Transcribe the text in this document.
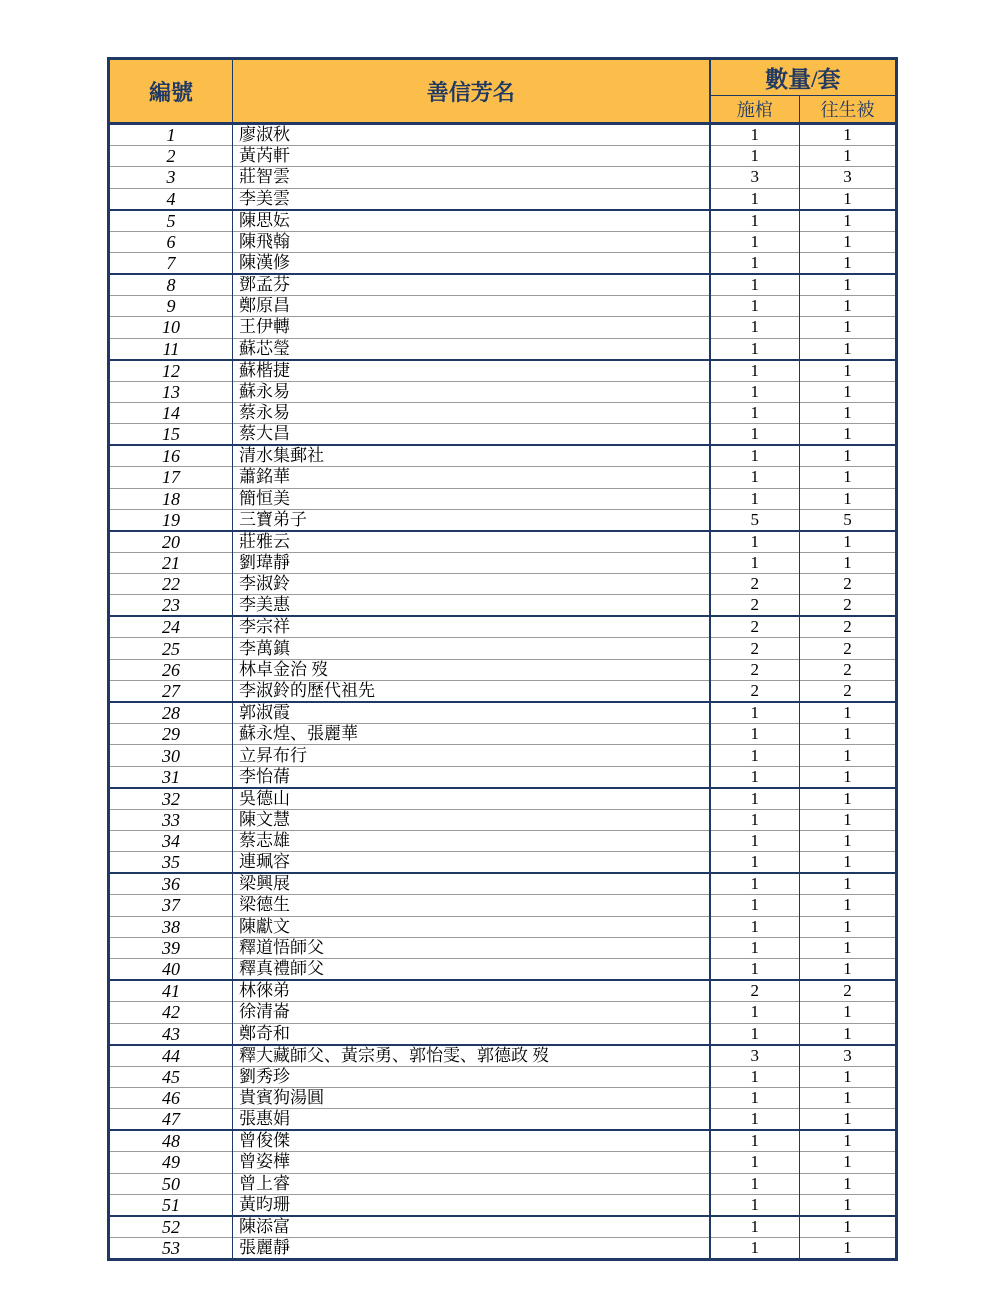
編號	善信芳名	數量/套	
		施棺	往生被
1	廖淑秋	1	1
2	黃芮軒	1	1
3	莊智雲	3	3
4	李美雲	1	1
5	陳思妘	1	1
6	陳飛翰	1	1
7	陳漢修	1	1
8	鄧孟芬	1	1
9	鄭原昌	1	1
10	王伊轉	1	1
11	蘇芯瑩	1	1
12	蘇楷捷	1	1
13	蘇永易	1	1
14	蔡永易	1	1
15	蔡大昌	1	1
16	清水集郵社	1	1
17	蕭銘華	1	1
18	簡恒美	1	1
19	三寶弟子	5	5
20	莊雅云	1	1
21	劉瑋靜	1	1
22	李淑鈴	2	2
23	李美惠	2	2
24	李宗祥	2	2
25	李萬鎮	2	2
26	林卓金治 歿	2	2
27	李淑鈴的歷代祖先	2	2
28	郭淑霞	1	1
29	蘇永煌、張麗華	1	1
30	立昇布行	1	1
31	李怡蒨	1	1
32	吳德山	1	1
33	陳文慧	1	1
34	蔡志雄	1	1
35	連珮容	1	1
36	梁興展	1	1
37	梁德生	1	1
38	陳獻文	1	1
39	釋道悟師父	1	1
40	釋真禮師父	1	1
41	林徠弟	2	2
42	徐清崙	1	1
43	鄭奇和	1	1
44	釋大藏師父、黃宗勇、郭怡雯、郭德政 歿	3	3
45	劉秀珍	1	1
46	貴賓狗湯圓	1	1
47	張惠娟	1	1
48	曾俊傑	1	1
49	曾姿樺	1	1
50	曾上睿	1	1
51	黃昀珊	1	1
52	陳添富	1	1
53	張麗靜	1	1
